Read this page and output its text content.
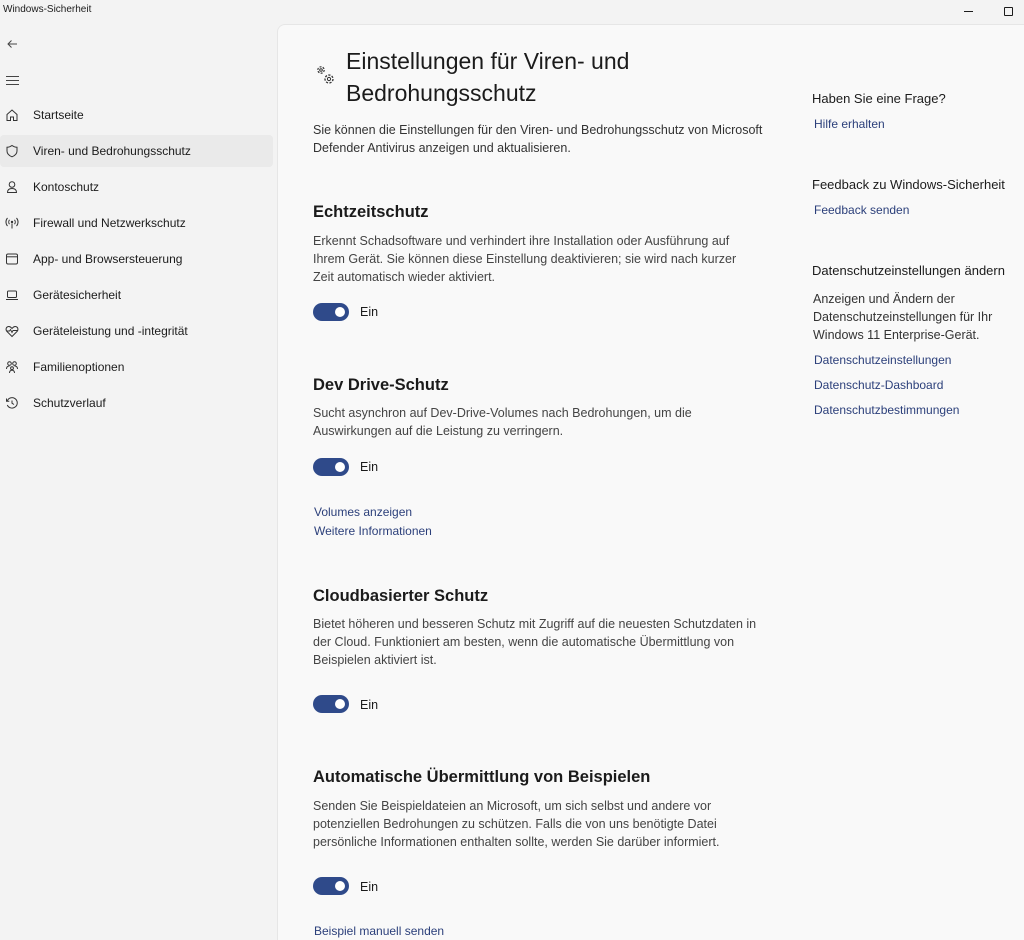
Windows-Sicherheit
Startseite
Viren- und Bedrohungsschutz
Kontoschutz
Firewall und Netzwerkschutz
App- und Browsersteuerung
Gerätesicherheit
Geräteleistung und -integrität
Familienoptionen
Schutzverlauf
Einstellungen für Viren- und Bedrohungsschutz

Sie können die Einstellungen für den Viren- und Bedrohungsschutz von Microsoft Defender Antivirus anzeigen und aktualisieren.

Echtzeitschutz
Erkennt Schadsoftware und verhindert ihre Installation oder Ausführung auf Ihrem Gerät. Sie können diese Einstellung deaktivieren; sie wird nach kurzer Zeit automatisch wieder aktiviert.
Ein
Dev Drive-Schutz
Sucht asynchron auf Dev-Drive-Volumes nach Bedrohungen, um die Auswirkungen auf die Leistung zu verringern.
Ein
Volumes anzeigen
Weitere Informationen
Cloudbasierter Schutz
Bietet höheren und besseren Schutz mit Zugriff auf die neuesten Schutzdaten in der Cloud. Funktioniert am besten, wenn die automatische Übermittlung von Beispielen aktiviert ist.
Ein
Automatische Übermittlung von Beispielen
Senden Sie Beispieldateien an Microsoft, um sich selbst und andere vor potenziellen Bedrohungen zu schützen. Falls die von uns benötigte Datei persönliche Informationen enthalten sollte, werden Sie darüber informiert.
Ein
Beispiel manuell senden
Haben Sie eine Frage?
Hilfe erhalten
Feedback zu Windows-Sicherheit
Feedback senden
Datenschutzeinstellungen ändern
Anzeigen und Ändern der Datenschutzeinstellungen für Ihr Windows 11 Enterprise-Gerät.
Datenschutzeinstellungen
Datenschutz-Dashboard
Datenschutzbestimmungen
